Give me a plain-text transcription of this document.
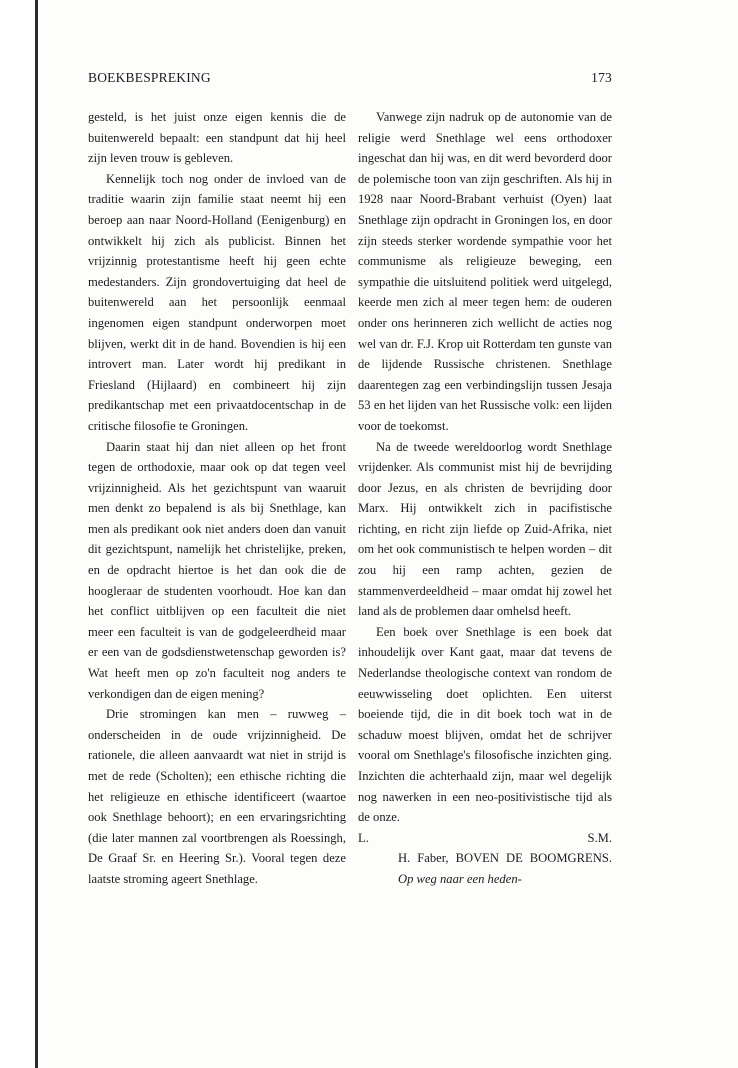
BOEKBESPREKING	173

gesteld, is het juist onze eigen kennis die de buitenwereld bepaalt: een standpunt dat hij heel zijn leven trouw is gebleven.

Kennelijk toch nog onder de invloed van de traditie waarin zijn familie staat neemt hij een beroep aan naar Noord-Holland (Eenigenburg) en ontwikkelt hij zich als publicist. Binnen het vrijzinnig protestantisme heeft hij geen echte medestanders. Zijn grondovertuiging dat heel de buitenwereld aan het persoonlijk eenmaal ingenomen eigen standpunt onderworpen moet blijven, werkt dit in de hand. Bovendien is hij een introvert man. Later wordt hij predikant in Friesland (Hijlaard) en combineert hij zijn predikantschap met een privaatdocentschap in de critische filosofie te Groningen.

Daarin staat hij dan niet alleen op het front tegen de orthodoxie, maar ook op dat tegen veel vrijzinnigheid. Als het gezichtspunt van waaruit men denkt zo bepalend is als bij Snethlage, kan men als predikant ook niet anders doen dan vanuit dit gezichtspunt, namelijk het christelijke, preken, en de opdracht hiertoe is het dan ook die de hoogleraar de studenten voorhoudt. Hoe kan dan het conflict uitblijven op een faculteit die niet meer een faculteit is van de godgeleerdheid maar er een van de godsdienstwetenschap geworden is? Wat heeft men op zo'n faculteit nog anders te verkondigen dan de eigen mening?

Drie stromingen kan men – ruwweg – onderscheiden in de oude vrijzinnigheid. De rationele, die alleen aanvaardt wat niet in strijd is met de rede (Scholten); een ethische richting die het religieuze en ethische identificeert (waartoe ook Snethlage behoort); en een ervaringsrichting (die later mannen zal voortbrengen als Roessingh, De Graaf Sr. en Heering Sr.). Vooral tegen deze laatste stroming ageert Snethlage.

Vanwege zijn nadruk op de autonomie van de religie werd Snethlage wel eens orthodoxer ingeschat dan hij was, en dit werd bevorderd door de polemische toon van zijn geschriften. Als hij in 1928 naar Noord-Brabant verhuist (Oyen) laat Snethlage zijn opdracht in Groningen los, en door zijn steeds sterker wordende sympathie voor het communisme als religieuze beweging, een sympathie die uitsluitend politiek werd uitgelegd, keerde men zich al meer tegen hem: de ouderen onder ons herinneren zich wellicht de acties nog wel van dr. F.J. Krop uit Rotterdam ten gunste van de lijdende Russische christenen. Snethlage daarentegen zag een verbindingslijn tussen Jesaja 53 en het lijden van het Russische volk: een lijden voor de toekomst.

Na de tweede wereldoorlog wordt Snethlage vrijdenker. Als communist mist hij de bevrijding door Jezus, en als christen de bevrijding door Marx. Hij ontwikkelt zich in pacifistische richting, en richt zijn liefde op Zuid-Afrika, niet om het ook communistisch te helpen worden – dit zou hij een ramp achten, gezien de stammenverdeeldheid – maar omdat hij zowel het land als de problemen daar omhelsd heeft.

Een boek over Snethlage is een boek dat inhoudelijk over Kant gaat, maar dat tevens de Nederlandse theologische context van rondom de eeuwwisseling doet oplichten. Een uiterst boeiende tijd, die in dit boek toch wat in de schaduw moest blijven, omdat het de schrijver vooral om Snethlage's filosofische inzichten ging. Inzichten die achterhaald zijn, maar wel degelijk nog nawerken in een neo-positivistische tijd als de onze.

L.	S.M.

H. Faber, BOVEN DE BOOMGRENS. Op weg naar een heden-
